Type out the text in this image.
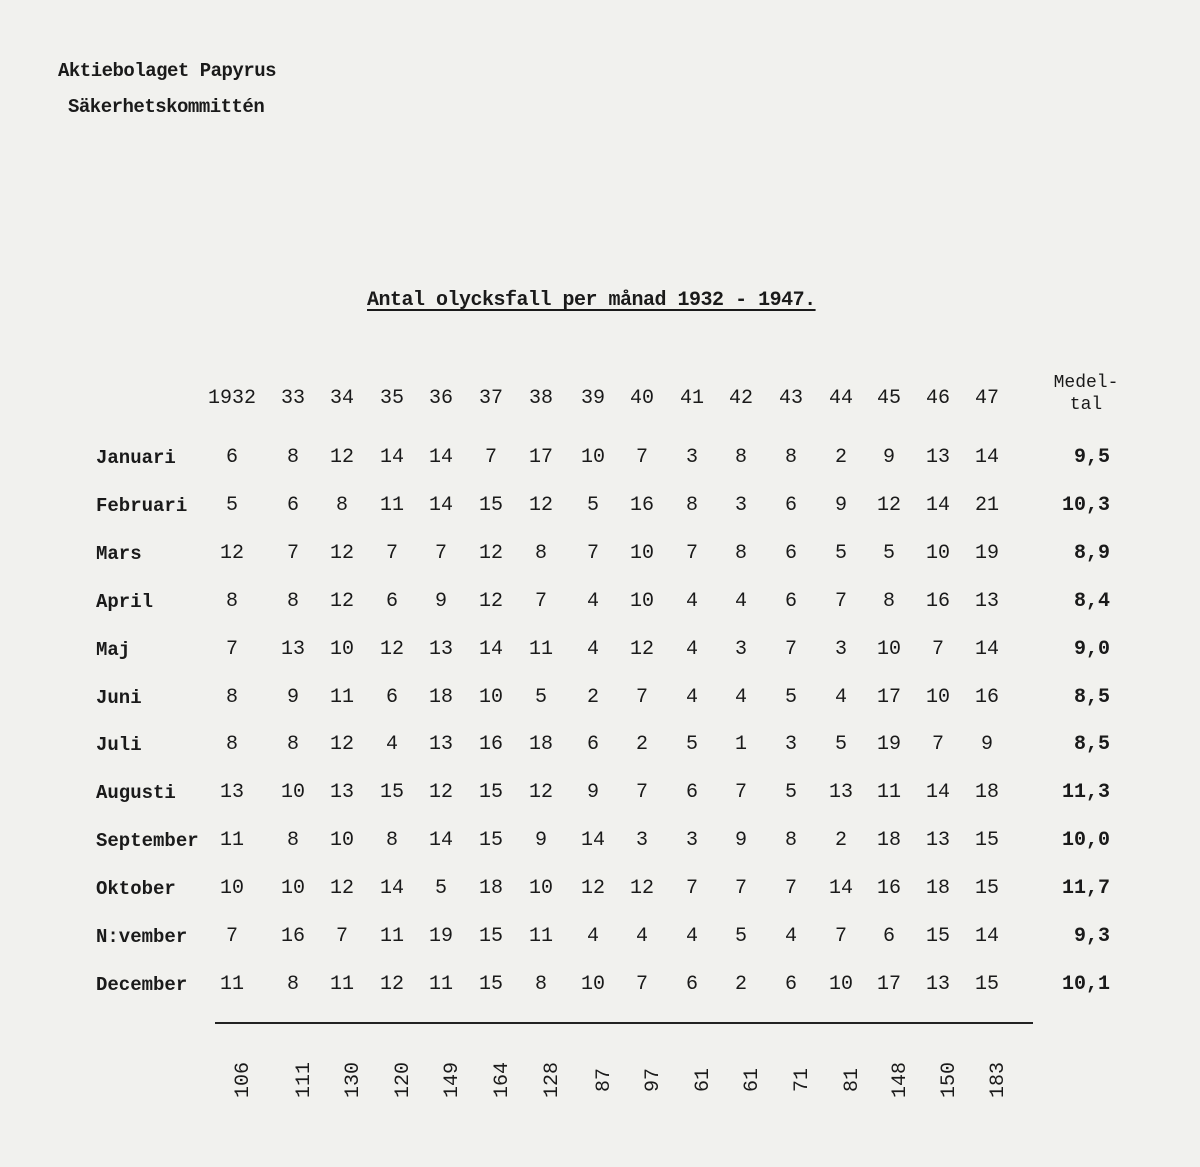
Aktiebolaget Papyrus
Säkerhetskommittén
Antal olycksfall per månad 1932 - 1947.
Medel-
tal
1932 33 34 35 36 37 38 39 40 41 42 43 44 45 46 47
Januari	6 8 12 14 14 7 17 10 7 3 8 8 2 9 13 14	9,5
Februari 5 6 8 11 14 15 12 5 16 8 3 6 9 12 14 21	10,3
Mars	12 7 12 7 7 12 8 7 10 7 8 6 5 5 10 19	8,9
April	8 8 12 6 9 12 7 4 10 4 4 6 7 8 16 13	8,4
Maj	7 13 10 12 13 14 11 4 12 4 3 7 3 10 7 14	9,0
Juni	8 9 11 6 18 10 5 2 7 4 4 5 4 17 10 16	8,5
Juli	8 8 12 4 13 16 18 6 2 5 1 3 5 19 7 9	8,5
Augusti 13 10 13 15 12 15 12 9 7 6 7 5 13 11 14 18	11,3
September 11 8 10 8 14 15 9 14 3 3 9 8 2 18 13 15	10,0
Oktober 10 10 12 14 5 18 10 12 12 7 7 7 14 16 18 15	11,7
N:vember 7 16 7 11 19 15 11 4 4 4 5 4 7 6 15 14	9,3
December 11 8 11 12 11 15 8 10 7 6 2 6 10 17 13 15	10,1
106 111 130 120 149 164 128 87 97 61 61 71 81 148 150 183
